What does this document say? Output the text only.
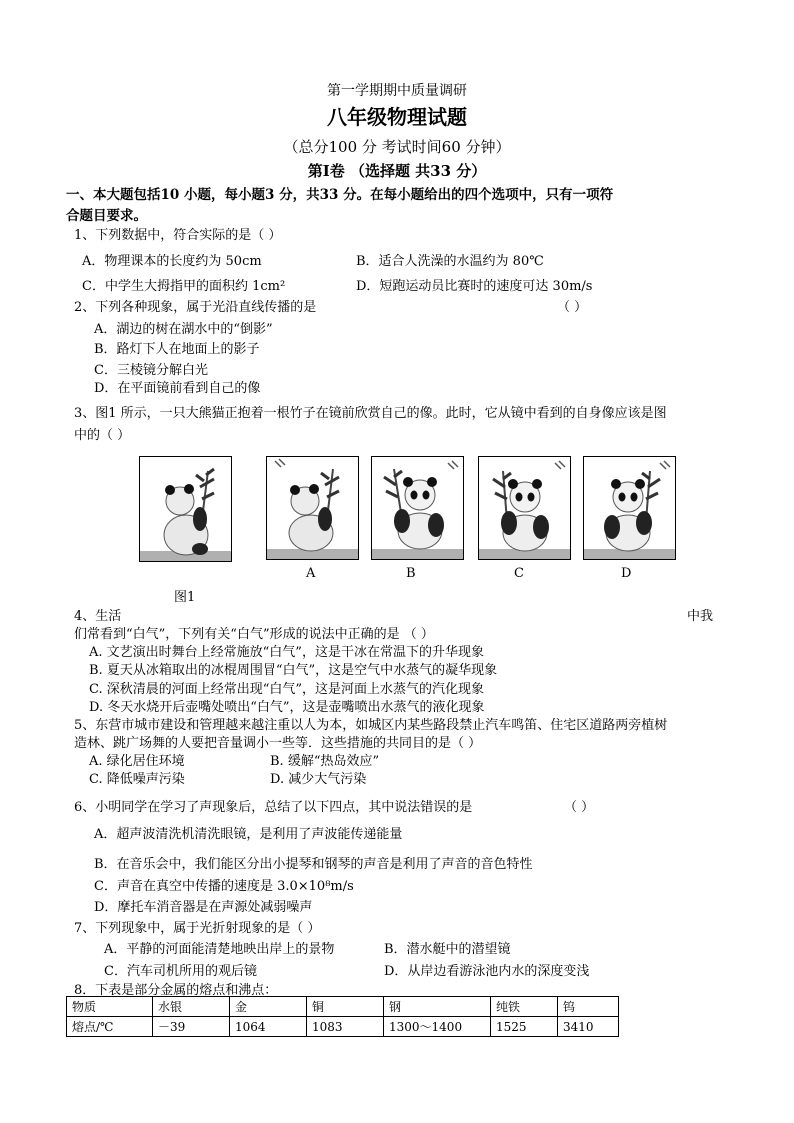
第一学期期中质量调研
八年级物理试题
（总分100 分 考试时间60 分钟）
第Ⅰ卷 （选择题 共33 分）
一、本大题包括10 小题，每小题3 分，共33 分。在每小题给出的四个选项中，只有一项符
合题目要求。
1、下列数据中，符合实际的是（ ）
A．物理课本的长度约为 50cm	B．适合人洗澡的水温约为 80℃
C．中学生大拇指甲的面积约 1cm²	D．短跑运动员比赛时的速度可达 30m/s
2、下列各种现象，属于光沿直线传播的是	（ ）
A．湖边的树在湖水中的“倒影”
B．路灯下人在地面上的影子
C．三棱镜分解白光
D．在平面镜前看到自己的像
3、图1 所示，一只大熊猫正抱着一根竹子在镜前欣赏自己的像。此时，它从镜中看到的自身像应该是图
中的（ ）
图1
A	B	C	D
4、生活	中我
们常看到“白气”，下列有关“白气”形成的说法中正确的是 （ ）
A. 文艺演出时舞台上经常施放“白气”，这是干冰在常温下的升华现象
B. 夏天从冰箱取出的冰棍周围冒“白气”，这是空气中水蒸气的凝华现象
C. 深秋清晨的河面上经常出现“白气”，这是河面上水蒸气的汽化现象
D. 冬天水烧开后壶嘴处喷出“白气”，这是壶嘴喷出水蒸气的液化现象
5、东营市城市建设和管理越来越注重以人为本，如城区内某些路段禁止汽车鸣笛、住宅区道路两旁植树
造林、跳广场舞的人要把音量调小一些等．这些措施的共同目的是（ ）
A. 绿化居住环境	B. 缓解“热岛效应”
C. 降低噪声污染	D. 减少大气污染
6、小明同学在学习了声现象后，总结了以下四点，其中说法错误的是	（ ）
A．超声波清洗机清洗眼镜，是利用了声波能传递能量
B．在音乐会中，我们能区分出小提琴和钢琴的声音是利用了声音的音色特性
C．声音在真空中传播的速度是 3.0×10⁸m/s
D．摩托车消音器是在声源处减弱噪声
7、下列现象中，属于光折射现象的是（ ）
A．平静的河面能清楚地映出岸上的景物	B．潜水艇中的潜望镜
C．汽车司机所用的观后镜	D．从岸边看游泳池内水的深度变浅
8．下表是部分金属的熔点和沸点：
物质	水银	金	铜	钢	纯铁	钨
熔点/℃	－39	1064	1083	1300～1400	1525	3410
